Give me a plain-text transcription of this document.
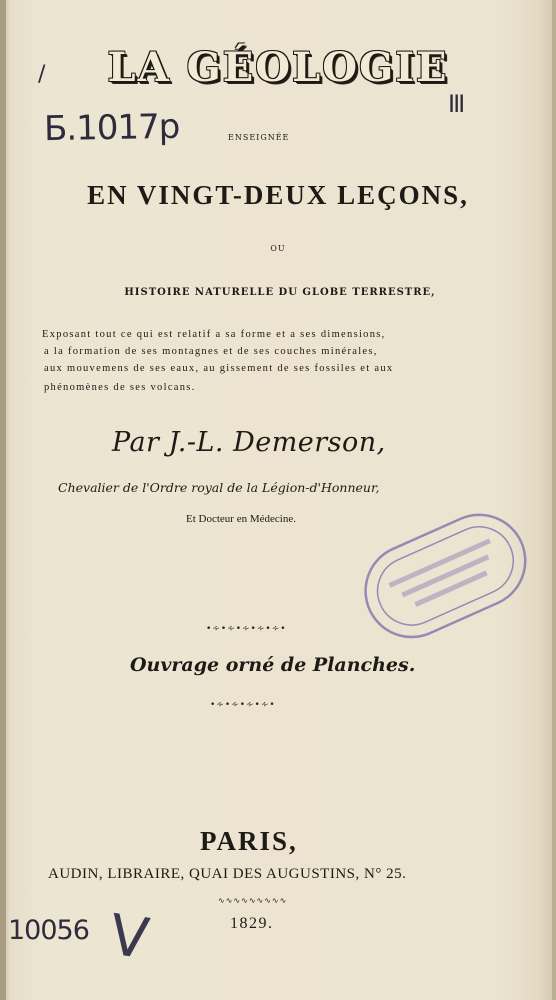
LA GÉOLOGIE
ENSEIGNÉE
EN VINGT-DEUX LEÇONS,
OU
HISTOIRE NATURELLE DU GLOBE TERRESTRE,
Exposant tout ce qui est relatif a sa forme et a ses dimensions,
a la formation de ses montagnes et de ses couches minérales,
aux mouvemens de ses eaux, au gissement de ses fossiles et aux
phénomènes de ses volcans.
Par J.-L. Demerson,
Chevalier de l'Ordre royal de la Légion-d'Honneur,
Et Docteur en Médecine.
•∻•∻•∻•∻•∻•
Ouvrage orné de Planches.
•∻•∻•∻•∻•
PARIS,
AUDIN, LIBRAIRE, QUAI DES AUGUSTINS, N° 25.
∿∿∿∿∿∿∿∿∿
1829.
/
Б.1017р
III
10056 V
